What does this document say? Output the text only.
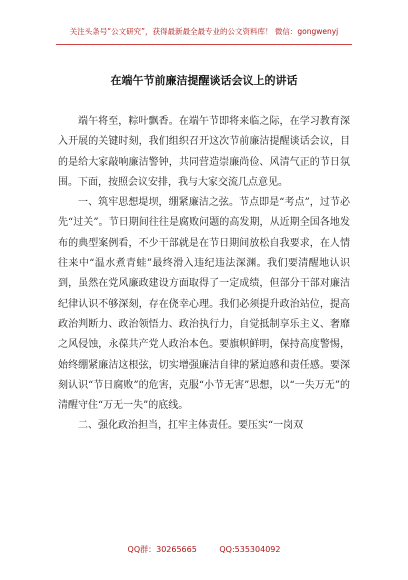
关注头条号“公文研究”，获得最新最全最专业的公文资料库！ 微信：gongwenyj
在端午节前廉洁提醒谈话会议上的讲话

端午将至，粽叶飘香。在端午节即将来临之际，在学习教育深入开展的关键时刻，我们组织召开这次节前廉洁提醒谈话会议，目的是给大家敲响廉洁警钟，共同营造崇廉尚俭、风清气正的节日氛围。下面，按照会议安排，我与大家交流几点意见。

一、筑牢思想堤坝，绷紧廉洁之弦。节点即是“考点”，过节必先“过关”。节日期间往往是腐败问题的高发期，从近期全国各地发布的典型案例看，不少干部就是在节日期间放松自我要求，在人情往来中“温水煮青蛙”最终滑入违纪违法深渊。我们要清醒地认识到，虽然在党风廉政建设方面取得了一定成绩，但部分干部对廉洁纪律认识不够深刻，存在侥幸心理。我们必须提升政治站位，提高政治判断力、政治领悟力、政治执行力，自觉抵制享乐主义、奢靡之风侵蚀，永葆共产党人政治本色。要旗帜鲜明，保持高度警惕，始终绷紧廉洁这根弦，切实增强廉洁自律的紧迫感和责任感。要深刻认识“节日腐败”的危害，克服“小节无害”思想，以“一失万无”的清醒守住“万无一失”的底线。

二、强化政治担当，扛牢主体责任。要压实“一岗双

QQ群：30265665	QQ:535304092
